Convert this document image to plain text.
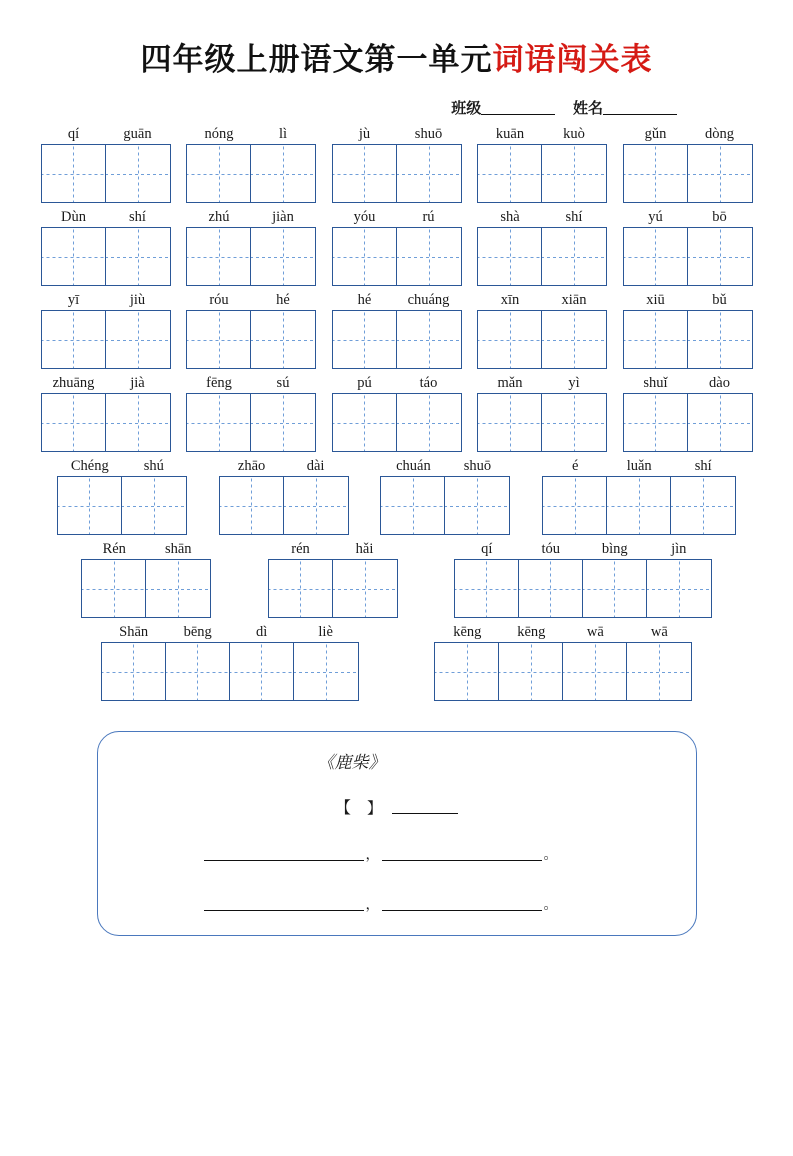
四年级上册语文第一单元词语闯关表
班级	姓名
qí	guān	nóng	lì	jù	shuō	kuān	kuò	gǔn	dòng
Dùn	shí	zhú	jiàn	yóu	rú	shà	shí	yú	bō
yī	jiù	róu	hé	hé	chuáng	xīn	xiān	xiū	bǔ
zhuāng	jià	fēng	sú	pú	táo	mǎn	yì	shuǐ	dào
Chéng	shú	zhāo	dài	chuán	shuō	é	luǎn	shí
Rén	shān	rén	hǎi	qí	tóu	bìng	jìn
Shān	bēng	dì	liè	kēng	kēng	wā	wā
《鹿柴》
【】
，	。
，	。
